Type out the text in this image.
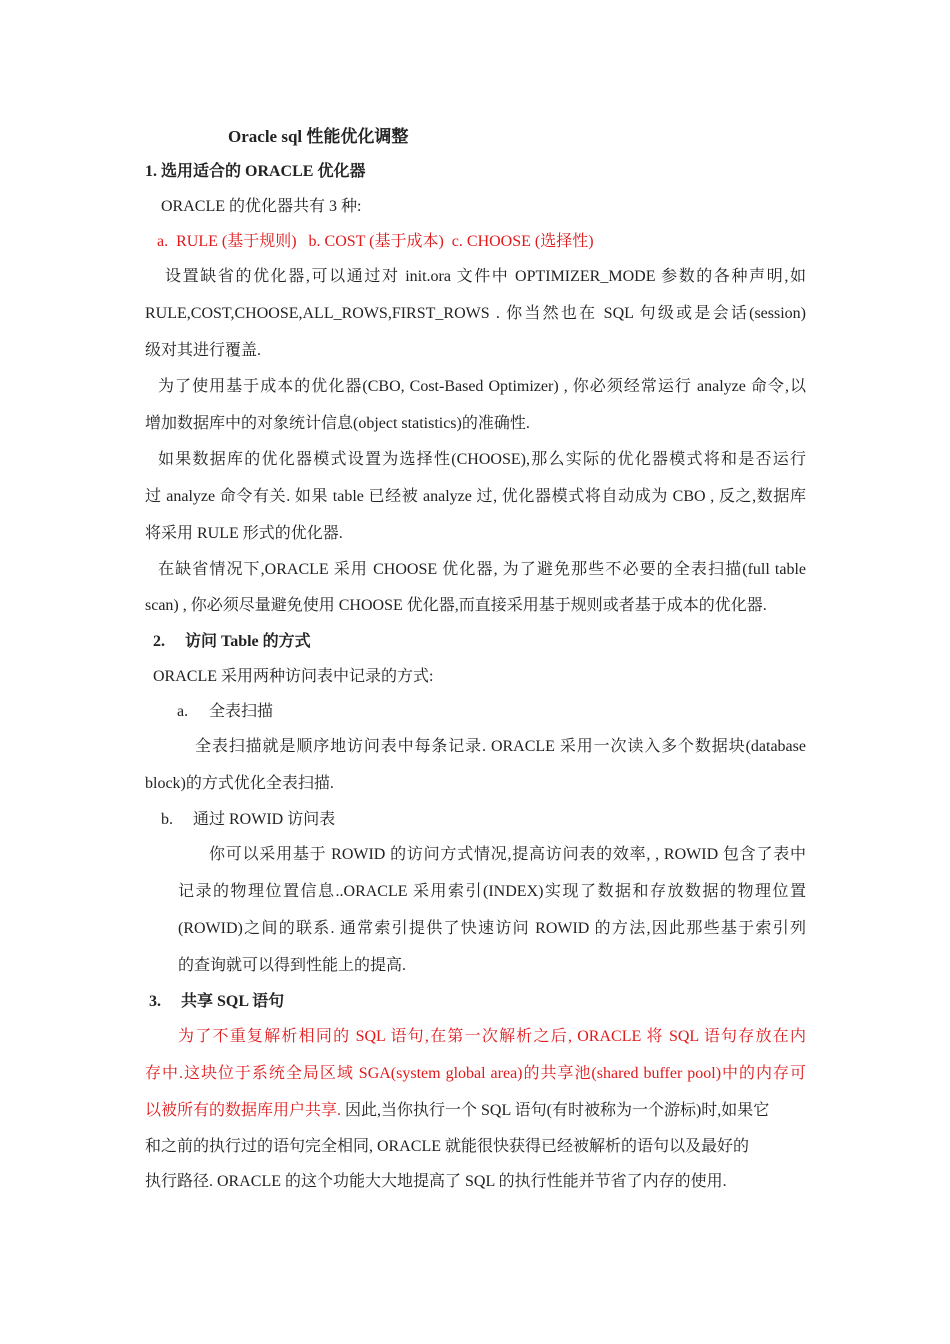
Oracle sql 性能优化调整
1. 选用适合的 ORACLE 优化器
ORACLE 的优化器共有 3 种:
a.  RULE (基于规则)   b. COST (基于成本)  c. CHOOSE (选择性)
设置缺省的优化器,可以通过对 init.ora 文件中 OPTIMIZER_MODE 参数的各种声明,如
RULE,COST,CHOOSE,ALL_ROWS,FIRST_ROWS . 你当然也在 SQL 句级或是会话(session)
级对其进行覆盖.
为了使用基于成本的优化器(CBO, Cost-Based Optimizer) , 你必须经常运行 analyze 命令,以
增加数据库中的对象统计信息(object statistics)的准确性.
如果数据库的优化器模式设置为选择性(CHOOSE),那么实际的优化器模式将和是否运行
过 analyze 命令有关. 如果 table 已经被 analyze 过, 优化器模式将自动成为 CBO , 反之,数据库
将采用 RULE 形式的优化器.
在缺省情况下,ORACLE 采用 CHOOSE 优化器, 为了避免那些不必要的全表扫描(full table
scan) , 你必须尽量避免使用 CHOOSE 优化器,而直接采用基于规则或者基于成本的优化器.
2. 访问 Table 的方式
ORACLE 采用两种访问表中记录的方式:
a. 全表扫描
全表扫描就是顺序地访问表中每条记录. ORACLE 采用一次读入多个数据块(database
block)的方式优化全表扫描.
b. 通过 ROWID 访问表
你可以采用基于 ROWID 的访问方式情况,提高访问表的效率, , ROWID 包含了表中
记录的物理位置信息..ORACLE 采用索引(INDEX)实现了数据和存放数据的物理位置
(ROWID)之间的联系. 通常索引提供了快速访问 ROWID 的方法,因此那些基于索引列
的查询就可以得到性能上的提高.
3. 共享 SQL 语句
为了不重复解析相同的 SQL 语句,在第一次解析之后, ORACLE 将 SQL 语句存放在内
存中.这块位于系统全局区域 SGA(system global area)的共享池(shared buffer pool)中的内存可
以被所有的数据库用户共享. 因此,当你执行一个 SQL 语句(有时被称为一个游标)时,如果它
和之前的执行过的语句完全相同, ORACLE 就能很快获得已经被解析的语句以及最好的
执行路径. ORACLE 的这个功能大大地提高了 SQL 的执行性能并节省了内存的使用.
